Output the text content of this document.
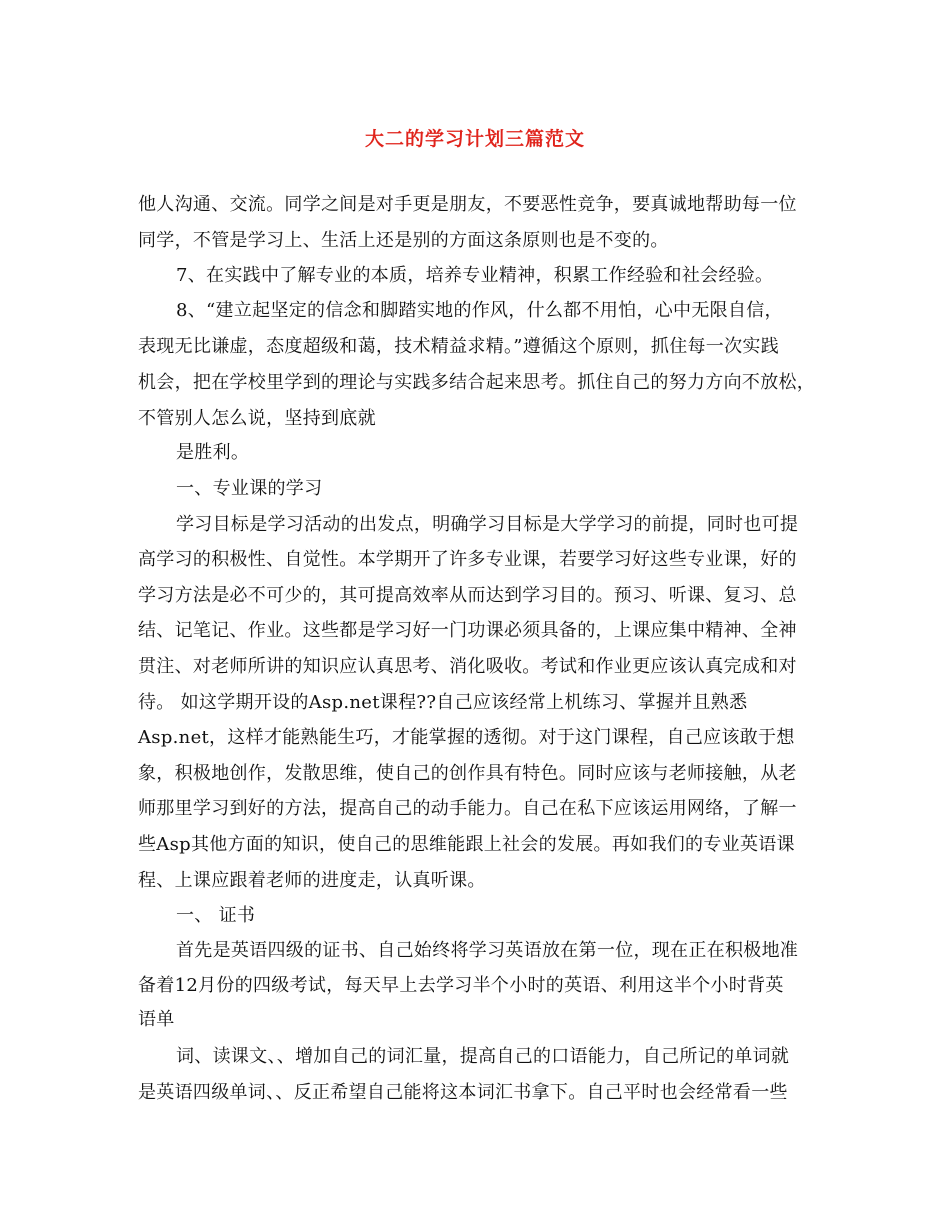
大二的学习计划三篇范文
他人沟通、交流。同学之间是对手更是朋友，不要恶性竞争，要真诚地帮助每一位
同学，不管是学习上、生活上还是别的方面这条原则也是不变的。
7、在实践中了解专业的本质，培养专业精神，积累工作经验和社会经验。
8、“建立起坚定的信念和脚踏实地的作风，什么都不用怕，心中无限自信，
表现无比谦虚，态度超级和蔼，技术精益求精。”遵循这个原则，抓住每一次实践
机会，把在学校里学到的理论与实践多结合起来思考。抓住自己的努力方向不放松，
不管别人怎么说，坚持到底就
是胜利。
一、专业课的学习
学习目标是学习活动的出发点，明确学习目标是大学学习的前提，同时也可提
高学习的积极性、自觉性。本学期开了许多专业课，若要学习好这些专业课，好的
学习方法是必不可少的，其可提高效率从而达到学习目的。预习、听课、复习、总
结、记笔记、作业。这些都是学习好一门功课必须具备的，上课应集中精神、全神
贯注、对老师所讲的知识应认真思考、消化吸收。考试和作业更应该认真完成和对
待。 如这学期开设的Asp.net课程??自己应该经常上机练习、掌握并且熟悉
Asp.net，这样才能熟能生巧，才能掌握的透彻。对于这门课程，自己应该敢于想
象，积极地创作，发散思维，使自己的创作具有特色。同时应该与老师接触，从老
师那里学习到好的方法，提高自己的动手能力。自己在私下应该运用网络，了解一
些Asp其他方面的知识，使自己的思维能跟上社会的发展。再如我们的专业英语课
程、上课应跟着老师的进度走，认真听课。
一、 证书
首先是英语四级的证书、自己始终将学习英语放在第一位，现在正在积极地准
备着12月份的四级考试，每天早上去学习半个小时的英语、利用这半个小时背英
语单
词、读课文、、增加自己的词汇量，提高自己的口语能力，自己所记的单词就
是英语四级单词、、反正希望自己能将这本词汇书拿下。自己平时也会经常看一些
